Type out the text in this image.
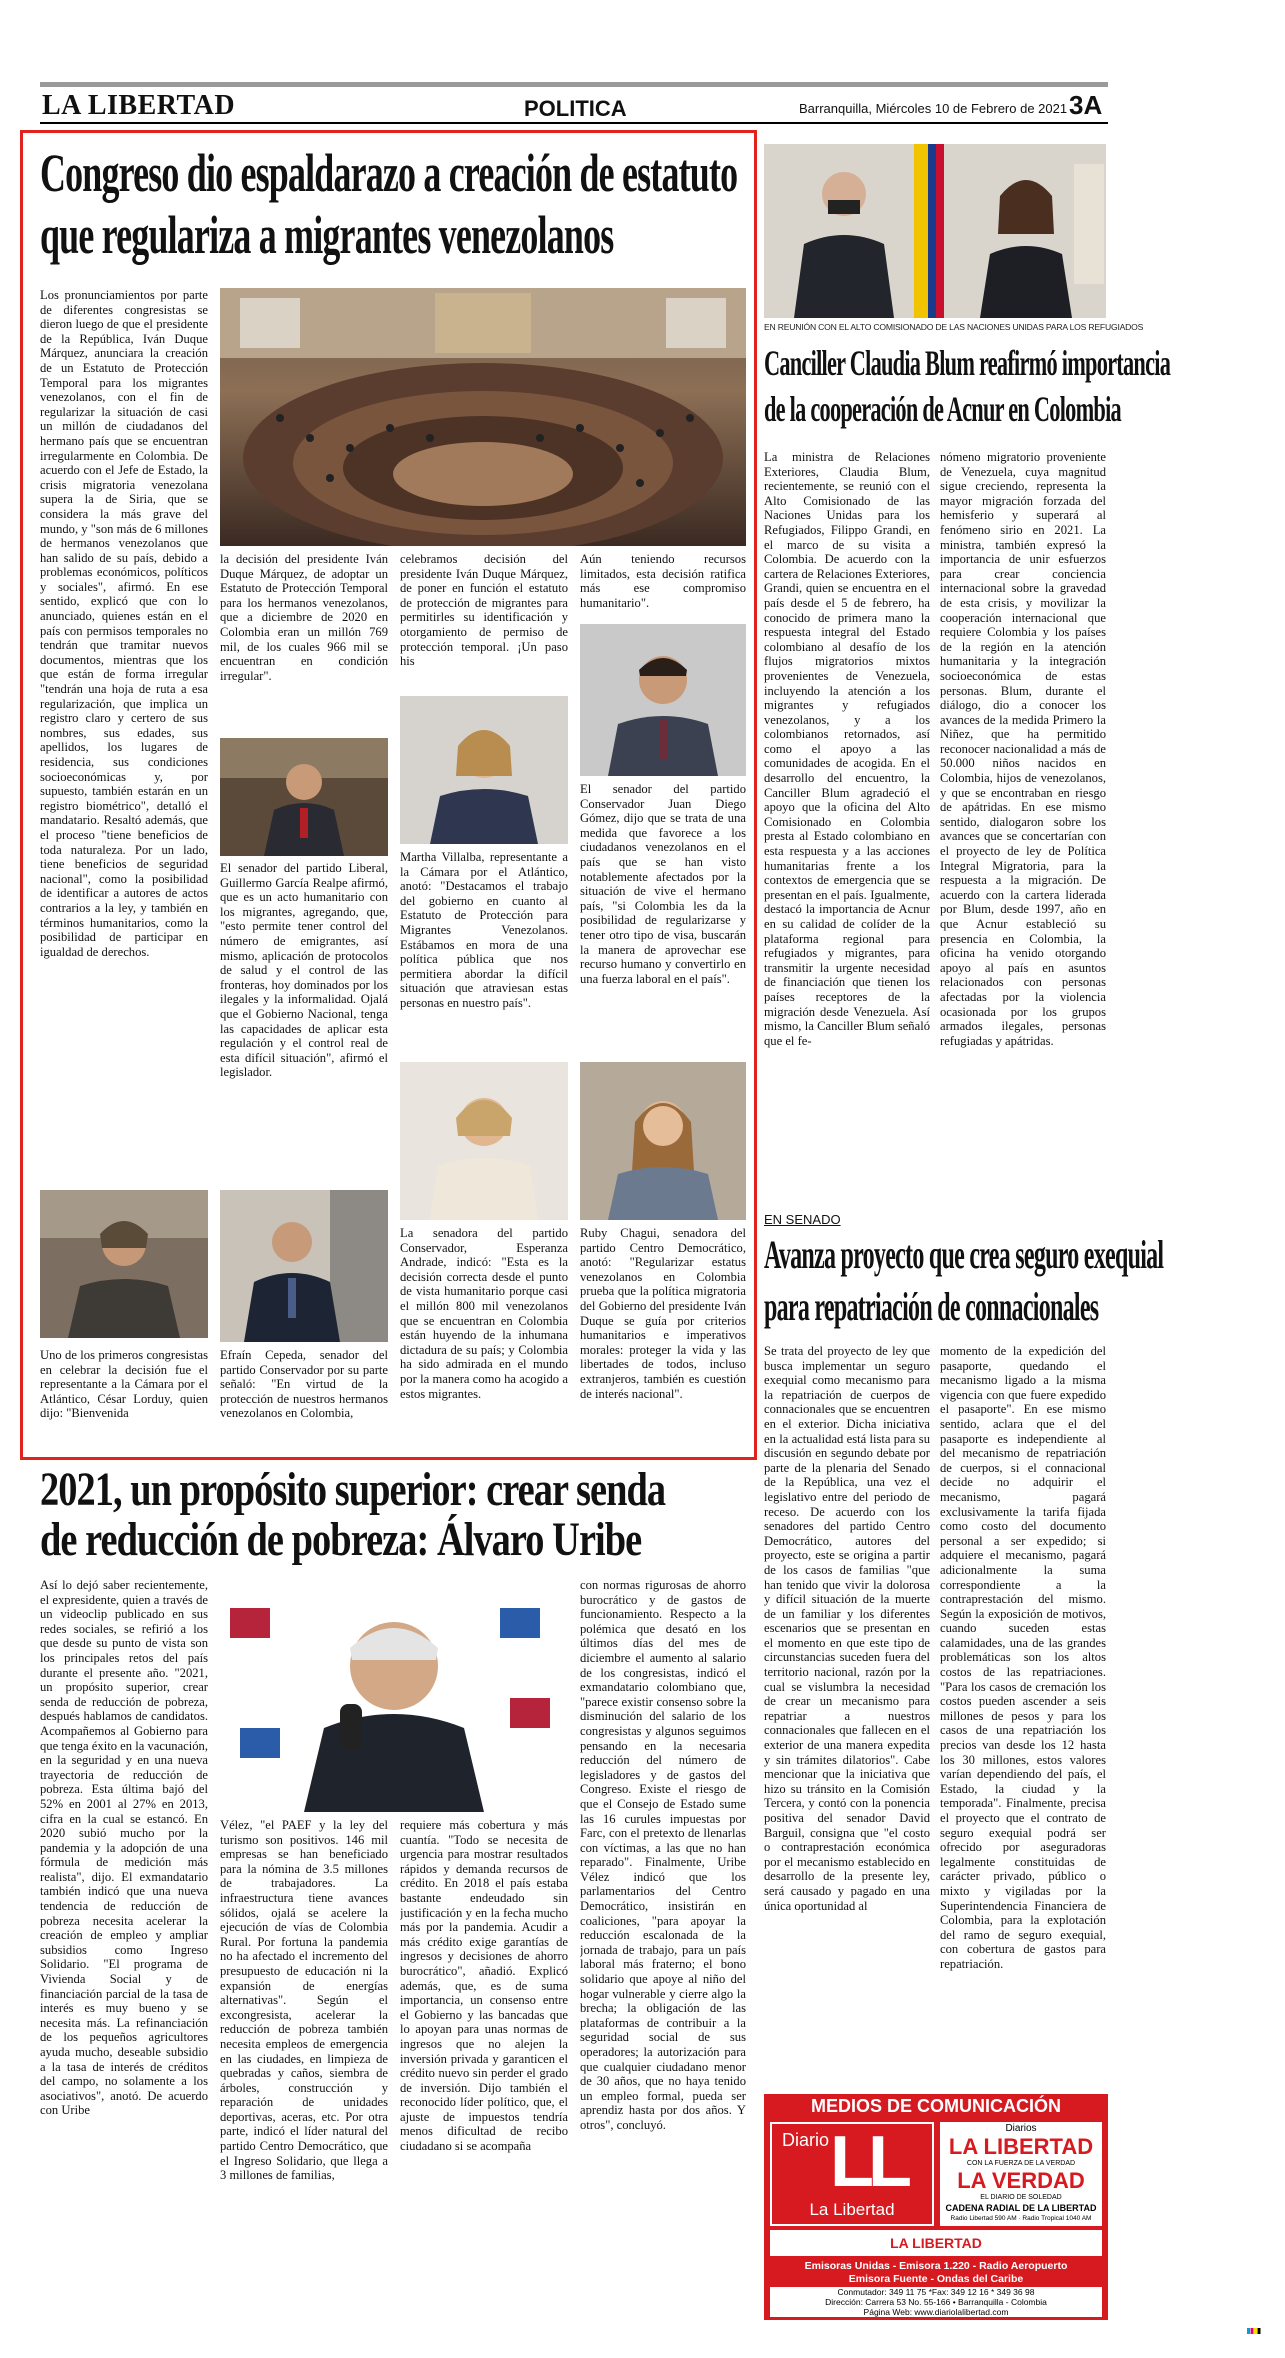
LA LIBERTAD	POLITICA	Barranquilla, Miércoles 10 de Febrero de 2021 3A
Congreso dio espaldarazo a creación de estatuto
que regulariza a migrantes venezolanos
Los pronunciamientos por parte de diferentes congresistas se dieron luego de que el presidente de la República, Iván Duque Márquez, anunciara la creación de un Estatuto de Protección Temporal para los migrantes venezolanos, con el fin de regularizar la situación de casi un millón de ciudadanos del hermano país que se encuentran irregularmente en Colombia. De acuerdo con el Jefe de Estado, la crisis migratoria venezolana supera la de Siria, que se considera la más grave del mundo, y "son más de 6 millones de hermanos venezolanos que han salido de su país, debido a problemas económicos, políticos y sociales", afirmó. En ese sentido, explicó que con lo anunciado, quienes están en el país con permisos temporales no tendrán que tramitar nuevos documentos, mientras que los que están de forma irregular "tendrán una hoja de ruta a esa regularización, que implica un registro claro y certero de sus nombres, sus edades, sus apellidos, los lugares de residencia, sus condiciones socioeconómicas y, por supuesto, también estarán en un registro biométrico", detalló el mandatario. Resaltó además, que el proceso "tiene beneficios de toda naturaleza. Por un lado, tiene beneficios de seguridad nacional", como la posibilidad de identificar a autores de actos contrarios a la ley, y también en términos humanitarios, como la posibilidad de participar en igualdad de derechos.
la decisión del presidente Iván Duque Márquez, de adoptar un Estatuto de Protección Temporal para los hermanos venezolanos, que a diciembre de 2020 en Colombia eran un millón 769 mil, de los cuales 966 mil se encuentran en condición irregular".
El senador del partido Liberal, Guillermo García Realpe afirmó, que es un acto humanitario con los migrantes, agregando, que, "esto permite tener control del número de emigrantes, así mismo, aplicación de protocolos de salud y el control de las fronteras, hoy dominados por los ilegales y la informalidad. Ojalá que el Gobierno Nacional, tenga las capacidades de aplicar esta regulación y el control real de esta difícil situación", afirmó el legislador.
Efraín Cepeda, senador del partido Conservador por su parte señaló: "En virtud de la protección de nuestros hermanos venezolanos en Colombia,
celebramos decisión del presidente Iván Duque Márquez, de poner en función el estatuto de protección de migrantes para permitirles su identificación y otorgamiento de permiso de protección temporal. ¡Un paso his
Martha Villalba, representante a la Cámara por el Atlántico, anotó: "Destacamos el trabajo del gobierno en cuanto al Estatuto de Protección para Migrantes Venezolanos. Estábamos en mora de una política pública que nos permitiera abordar la difícil situación que atraviesan estas personas en nuestro país".
La senadora del partido Conservador, Esperanza Andrade, indicó: "Esta es la decisión correcta desde el punto de vista humanitario porque casi el millón 800 mil venezolanos que se encuentran en Colombia están huyendo de la inhumana dictadura de su país; y Colombia ha sido admirada en el mundo por la manera como ha acogido a estos migrantes.
Aún teniendo recursos limitados, esta decisión ratifica más ese compromiso humanitario".
El senador del partido Conservador Juan Diego Gómez, dijo que se trata de una medida que favorece a los ciudadanos venezolanos en el país que se han visto notablemente afectados por la situación de vive el hermano país, "si Colombia les da la posibilidad de regularizarse y tener otro tipo de visa, buscarán la manera de aprovechar ese recurso humano y convertirlo en una fuerza laboral en el país".
Ruby Chagui, senadora del partido Centro Democrático, anotó: "Regularizar estatus venezolanos en Colombia prueba que la política migratoria del Gobierno del presidente Iván Duque se guía por criterios humanitarios e imperativos morales: proteger la vida y las libertades de todos, incluso extranjeros, también es cuestión de interés nacional".
Uno de los primeros congresistas en celebrar la decisión fue el representante a la Cámara por el Atlántico, César Lorduy, quien dijo: "Bienvenida
2021, un propósito superior: crear senda
de reducción de pobreza: Álvaro Uribe
Así lo dejó saber recientemente, el expresidente, quien a través de un videoclip publicado en sus redes sociales, se refirió a los que desde su punto de vista son los principales retos del país durante el presente año. "2021, un propósito superior, crear senda de reducción de pobreza, después hablamos de candidatos. Acompañemos al Gobierno para que tenga éxito en la vacunación, en la seguridad y en una nueva trayectoria de reducción de pobreza. Esta última bajó del 52% en 2001 al 27% en 2013, cifra en la cual se estancó. En 2020 subió mucho por la pandemia y la adopción de una fórmula de medición más realista", dijo. El exmandatario también indicó que una nueva tendencia de reducción de pobreza necesita acelerar la creación de empleo y ampliar subsidios como Ingreso Solidario. "El programa de Vivienda Social y de financiación parcial de la tasa de interés es muy bueno y se necesita más. La refinanciación de los pequeños agricultores ayuda mucho, deseable subsidio a la tasa de interés de créditos del campo, no solamente a los asociativos", anotó. De acuerdo con Uribe
Vélez, "el PAEF y la ley del turismo son positivos. 146 mil empresas se han beneficiado para la nómina de 3.5 millones de trabajadores. La infraestructura tiene avances sólidos, ojalá se acelere la ejecución de vías de Colombia Rural. Por fortuna la pandemia no ha afectado el incremento del presupuesto de educación ni la expansión de energías alternativas". Según el excongresista, acelerar la reducción de pobreza también necesita empleos de emergencia en las ciudades, en limpieza de quebradas y caños, siembra de árboles, construcción y reparación de unidades deportivas, aceras, etc. Por otra parte, indicó el líder natural del partido Centro Democrático, que el Ingreso Solidario, que llega a 3 millones de familias,
requiere más cobertura y más cuantía. "Todo se necesita de urgencia para mostrar resultados rápidos y demanda recursos de crédito. En 2018 el país estaba bastante endeudado sin justificación y en la fecha mucho más por la pandemia. Acudir a más crédito exige garantías de ingresos y decisiones de ahorro burocrático", añadió. Explicó además, que, es de suma importancia, un consenso entre el Gobierno y las bancadas que lo apoyan para unas normas de ingresos que no alejen la inversión privada y garanticen el crédito nuevo sin perder el grado de inversión. Dijo también el reconocido líder político, que, el ajuste de impuestos tendría menos dificultad de recibo ciudadano si se acompaña
con normas rigurosas de ahorro burocrático y de gastos de funcionamiento. Respecto a la polémica que desató en los últimos días del mes de diciembre el aumento al salario de los congresistas, indicó el exmandatario colombiano que, "parece existir consenso sobre la disminución del salario de los congresistas y algunos seguimos pensando en la necesaria reducción del número de legisladores y de gastos del Congreso. Existe el riesgo de que el Consejo de Estado sume las 16 curules impuestas por Farc, con el pretexto de llenarlas con víctimas, a las que no han reparado". Finalmente, Uribe Vélez indicó que los parlamentarios del Centro Democrático, insistirán en coaliciones, "para apoyar la reducción escalonada de la jornada de trabajo, para un país laboral más fraterno; el bono solidario que apoye al niño del hogar vulnerable y cierre algo la brecha; la obligación de las plataformas de contribuir a la seguridad social de sus operadores; la autorización para que cualquier ciudadano menor de 30 años, que no haya tenido un empleo formal, pueda ser aprendiz hasta por dos años. Y otros", concluyó.
EN REUNIÓN CON EL ALTO COMISIONADO DE LAS NACIONES UNIDAS PARA LOS REFUGIADOS
Canciller Claudia Blum reafirmó importancia
de la cooperación de Acnur en Colombia
La ministra de Relaciones Exteriores, Claudia Blum, recientemente, se reunió con el Alto Comisionado de las Naciones Unidas para los Refugiados, Filippo Grandi, en el marco de su visita a Colombia. De acuerdo con la cartera de Relaciones Exteriores, Grandi, quien se encuentra en el país desde el 5 de febrero, ha conocido de primera mano la respuesta integral del Estado colombiano al desafío de los flujos migratorios mixtos provenientes de Venezuela, incluyendo la atención a los migrantes y refugiados venezolanos, y a los colombianos retornados, así como el apoyo a las comunidades de acogida. En el desarrollo del encuentro, la Canciller Blum agradeció el apoyo que la oficina del Alto Comisionado en Colombia presta al Estado colombiano en esta respuesta y a las acciones humanitarias frente a los contextos de emergencia que se presentan en el país. Igualmente, destacó la importancia de Acnur en su calidad de colíder de la plataforma regional para refugiados y migrantes, para transmitir la urgente necesidad de financiación que tienen los países receptores de la migración desde Venezuela. Así mismo, la Canciller Blum señaló que el fe-
nómeno migratorio proveniente de Venezuela, cuya magnitud sigue creciendo, representa la mayor migración forzada del hemisferio y superará al fenómeno sirio en 2021. La ministra, también expresó la importancia de unir esfuerzos para crear conciencia internacional sobre la gravedad de esta crisis, y movilizar la cooperación internacional que requiere Colombia y los países de la región en la atención humanitaria y la integración socioeconómica de estas personas. Blum, durante el diálogo, dio a conocer los avances de la medida Primero la Niñez, que ha permitido reconocer nacionalidad a más de 50.000 niños nacidos en Colombia, hijos de venezolanos, y que se encontraban en riesgo de apátridas. En ese mismo sentido, dialogaron sobre los avances que se concertarían con el proyecto de ley de Política Integral Migratoria, para la respuesta a la migración. De acuerdo con la cartera liderada por Blum, desde 1997, año en que Acnur estableció su presencia en Colombia, la oficina ha venido otorgando apoyo al país en asuntos relacionados con personas afectadas por la violencia ocasionada por los grupos armados ilegales, personas refugiadas y apátridas.
EN SENADO
Avanza proyecto que crea seguro exequial
para repatriación de connacionales
Se trata del proyecto de ley que busca implementar un seguro exequial como mecanismo para la repatriación de cuerpos de connacionales que se encuentren en el exterior. Dicha iniciativa en la actualidad está lista para su discusión en segundo debate por parte de la plenaria del Senado de la República, una vez el legislativo entre del periodo de receso. De acuerdo con los senadores del partido Centro Democrático, autores del proyecto, este se origina a partir de los casos de familias "que han tenido que vivir la dolorosa y difícil situación de la muerte de un familiar y los diferentes escenarios que se presentan en el momento en que este tipo de circunstancias suceden fuera del territorio nacional, razón por la cual se vislumbra la necesidad de crear un mecanismo para repatriar a nuestros connacionales que fallecen en el exterior de una manera expedita y sin trámites dilatorios". Cabe mencionar que la iniciativa que hizo su tránsito en la Comisión Tercera, y contó con la ponencia positiva del senador David Barguil, consigna que "el costo o contraprestación económica por el mecanismo establecido en desarrollo de la presente ley, será causado y pagado en una única oportunidad al
momento de la expedición del pasaporte, quedando el mecanismo ligado a la misma vigencia con que fuere expedido el pasaporte". En ese mismo sentido, aclara que el del pasaporte es independiente al del mecanismo de repatriación de cuerpos, si el connacional decide no adquirir el mecanismo, pagará exclusivamente la tarifa fijada como costo del documento personal a ser expedido; si adquiere el mecanismo, pagará adicionalmente la suma correspondiente a la contraprestación del mismo. Según la exposición de motivos, cuando suceden estas calamidades, una de las grandes problemáticas son los altos costos de las repatriaciones. "Para los casos de cremación los costos pueden ascender a seis millones de pesos y para los casos de una repatriación los precios van desde los 12 hasta los 30 millones, estos valores varían dependiendo del país, el Estado, la ciudad y la temporada". Finalmente, precisa el proyecto que el contrato de seguro exequial podrá ser ofrecido por aseguradoras legalmente constituidas de carácter privado, público o mixto y vigiladas por la Superintendencia Financiera de Colombia, para la explotación del ramo de seguro exequial, con cobertura de gastos para repatriación.
MEDIOS DE COMUNICACIÓN
Diario LL
La Libertad
Diarios
LA LIBERTAD
CON LA FUERZA DE LA VERDAD
LA VERDAD
EL DIARIO DE SOLEDAD
CADENA RADIAL DE LA LIBERTAD
Radio Libertad 590 AM · Radio Tropical 1040 AM
LA LIBERTAD
Emisoras Unidas - Emisora 1.220 - Radio Aeropuerto
Emisora Fuente - Ondas del Caribe
Conmutador: 349 11 75 *Fax: 349 12 16 * 349 36 98
Dirección: Carrera 53 No. 55-166 • Barranquilla - Colombia
Página Web: www.diariolalibertad.com
